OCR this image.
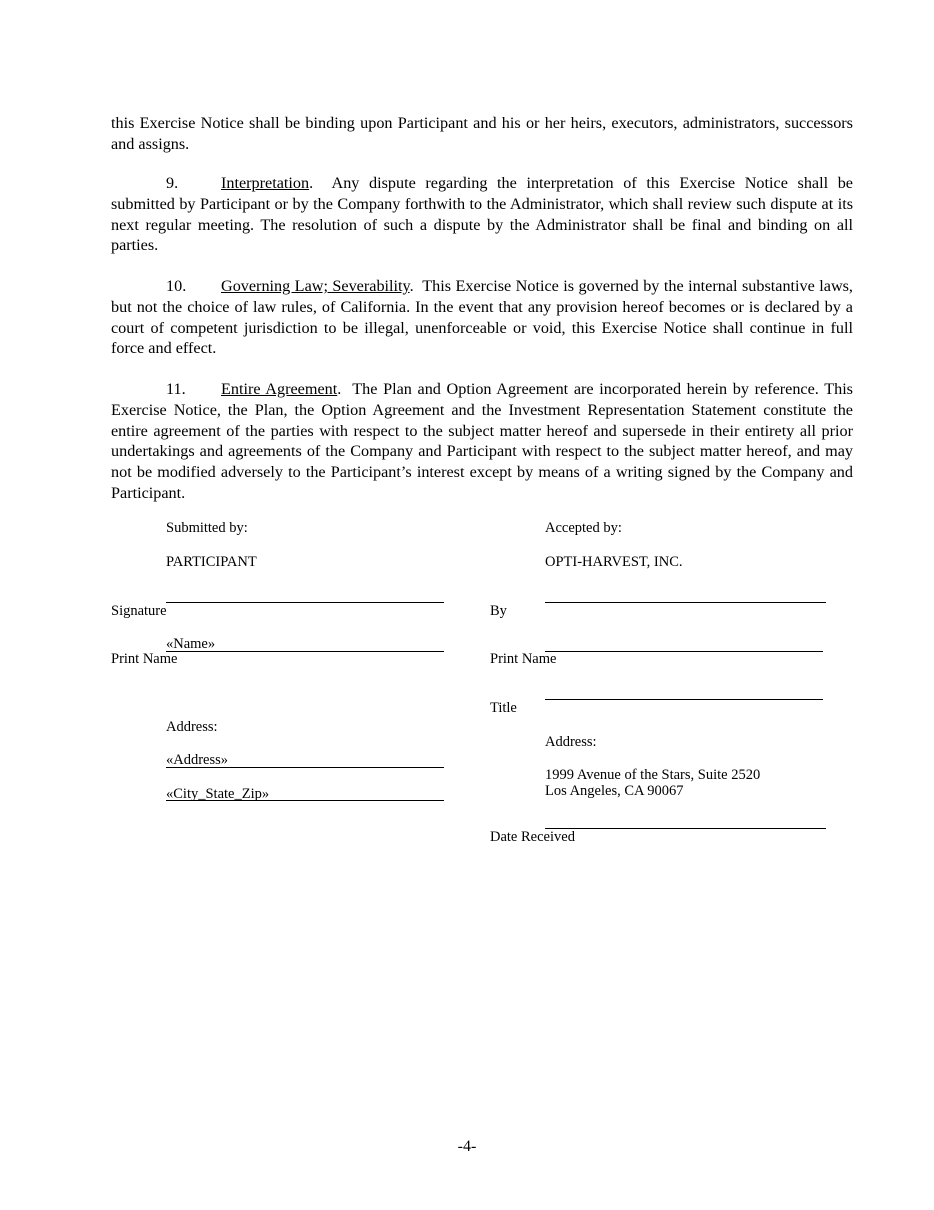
this Exercise Notice shall be binding upon Participant and his or her heirs, executors, administrators, successors and assigns.

9.	Interpretation.  Any dispute regarding the interpretation of this Exercise Notice shall be submitted by Participant or by the Company forthwith to the Administrator, which shall review such dispute at its next regular meeting. The resolution of such a dispute by the Administrator shall be final and binding on all parties.

10. Governing Law; Severability.  This Exercise Notice is governed by the internal substantive laws, but not the choice of law rules, of California. In the event that any provision hereof becomes or is declared by a court of competent jurisdiction to be illegal, unenforceable or void, this Exercise Notice shall continue in full force and effect.

11. Entire Agreement.  The Plan and Option Agreement are incorporated herein by reference. This Exercise Notice, the Plan, the Option Agreement and the Investment Representation Statement constitute the entire agreement of the parties with respect to the subject matter hereof and supersede in their entirety all prior undertakings and agreements of the Company and Participant with respect to the subject matter hereof, and may not be modified adversely to the Participant’s interest except by means of a writing signed by the Company and Participant.

Submitted by:
PARTICIPANT
Signature
«Name»
Print Name
Address:
«Address»
«City_State_Zip»
Accepted by:
OPTI-HARVEST, INC.
By
Print Name
Title
Address:
1999 Avenue of the Stars, Suite 2520
Los Angeles, CA 90067
Date Received
-4-
